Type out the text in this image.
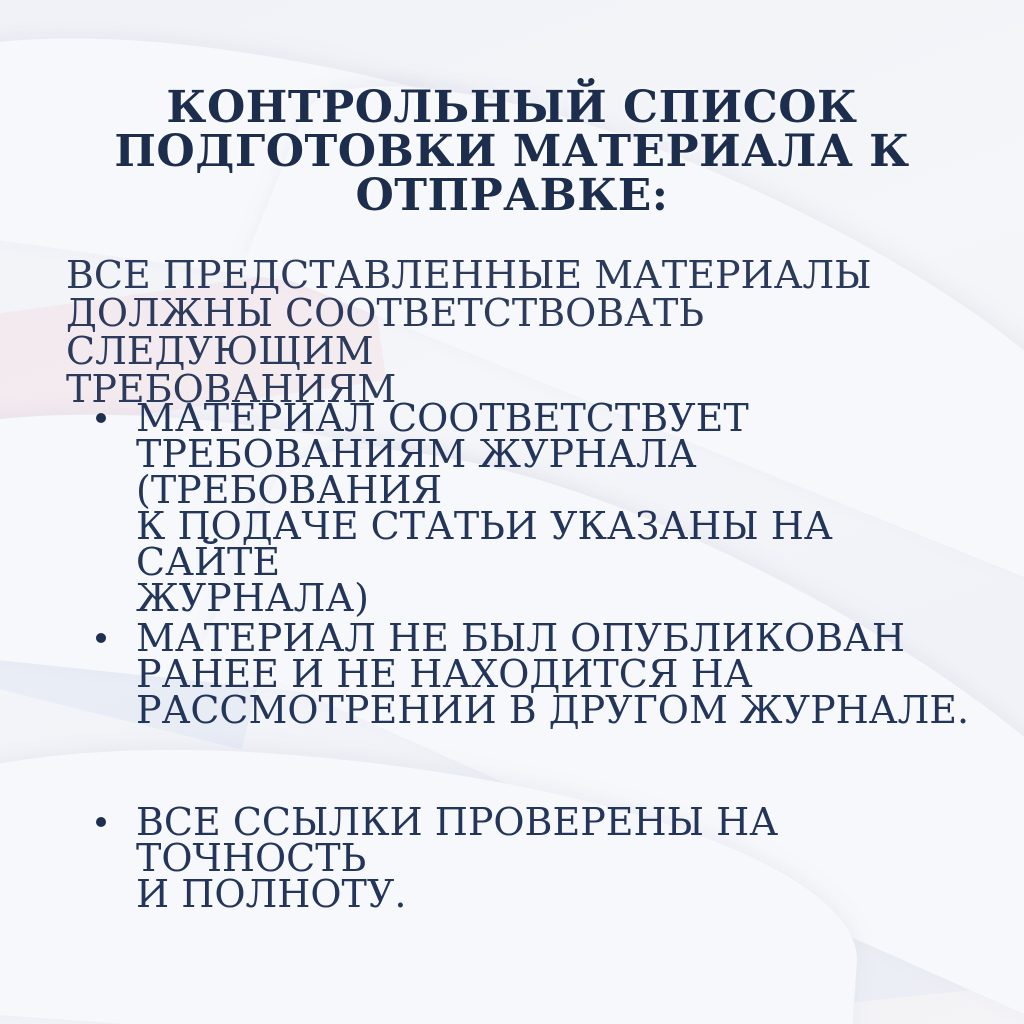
КОНТРОЛЬНЫЙ СПИСОК
ПОДГОТОВКИ МАТЕРИАЛА К
ОТПРАВКЕ:
ВСЕ ПРЕДСТАВЛЕННЫЕ МАТЕРИАЛЫ
ДОЛЖНЫ СООТВЕТСТВОВАТЬ СЛЕДУЮЩИМ
ТРЕБОВАНИЯМ
МАТЕРИАЛ СООТВЕТСТВУЕТ
ТРЕБОВАНИЯМ ЖУРНАЛА (ТРЕБОВАНИЯ
К ПОДАЧЕ СТАТЬИ УКАЗАНЫ НА САЙТЕ
ЖУРНАЛА)
МАТЕРИАЛ НЕ БЫЛ ОПУБЛИКОВАН
РАНЕЕ И НЕ НАХОДИТСЯ НА
РАССМОТРЕНИИ В ДРУГОМ ЖУРНАЛЕ.
ВСЕ ССЫЛКИ ПРОВЕРЕНЫ НА ТОЧНОСТЬ
И ПОЛНОТУ.
